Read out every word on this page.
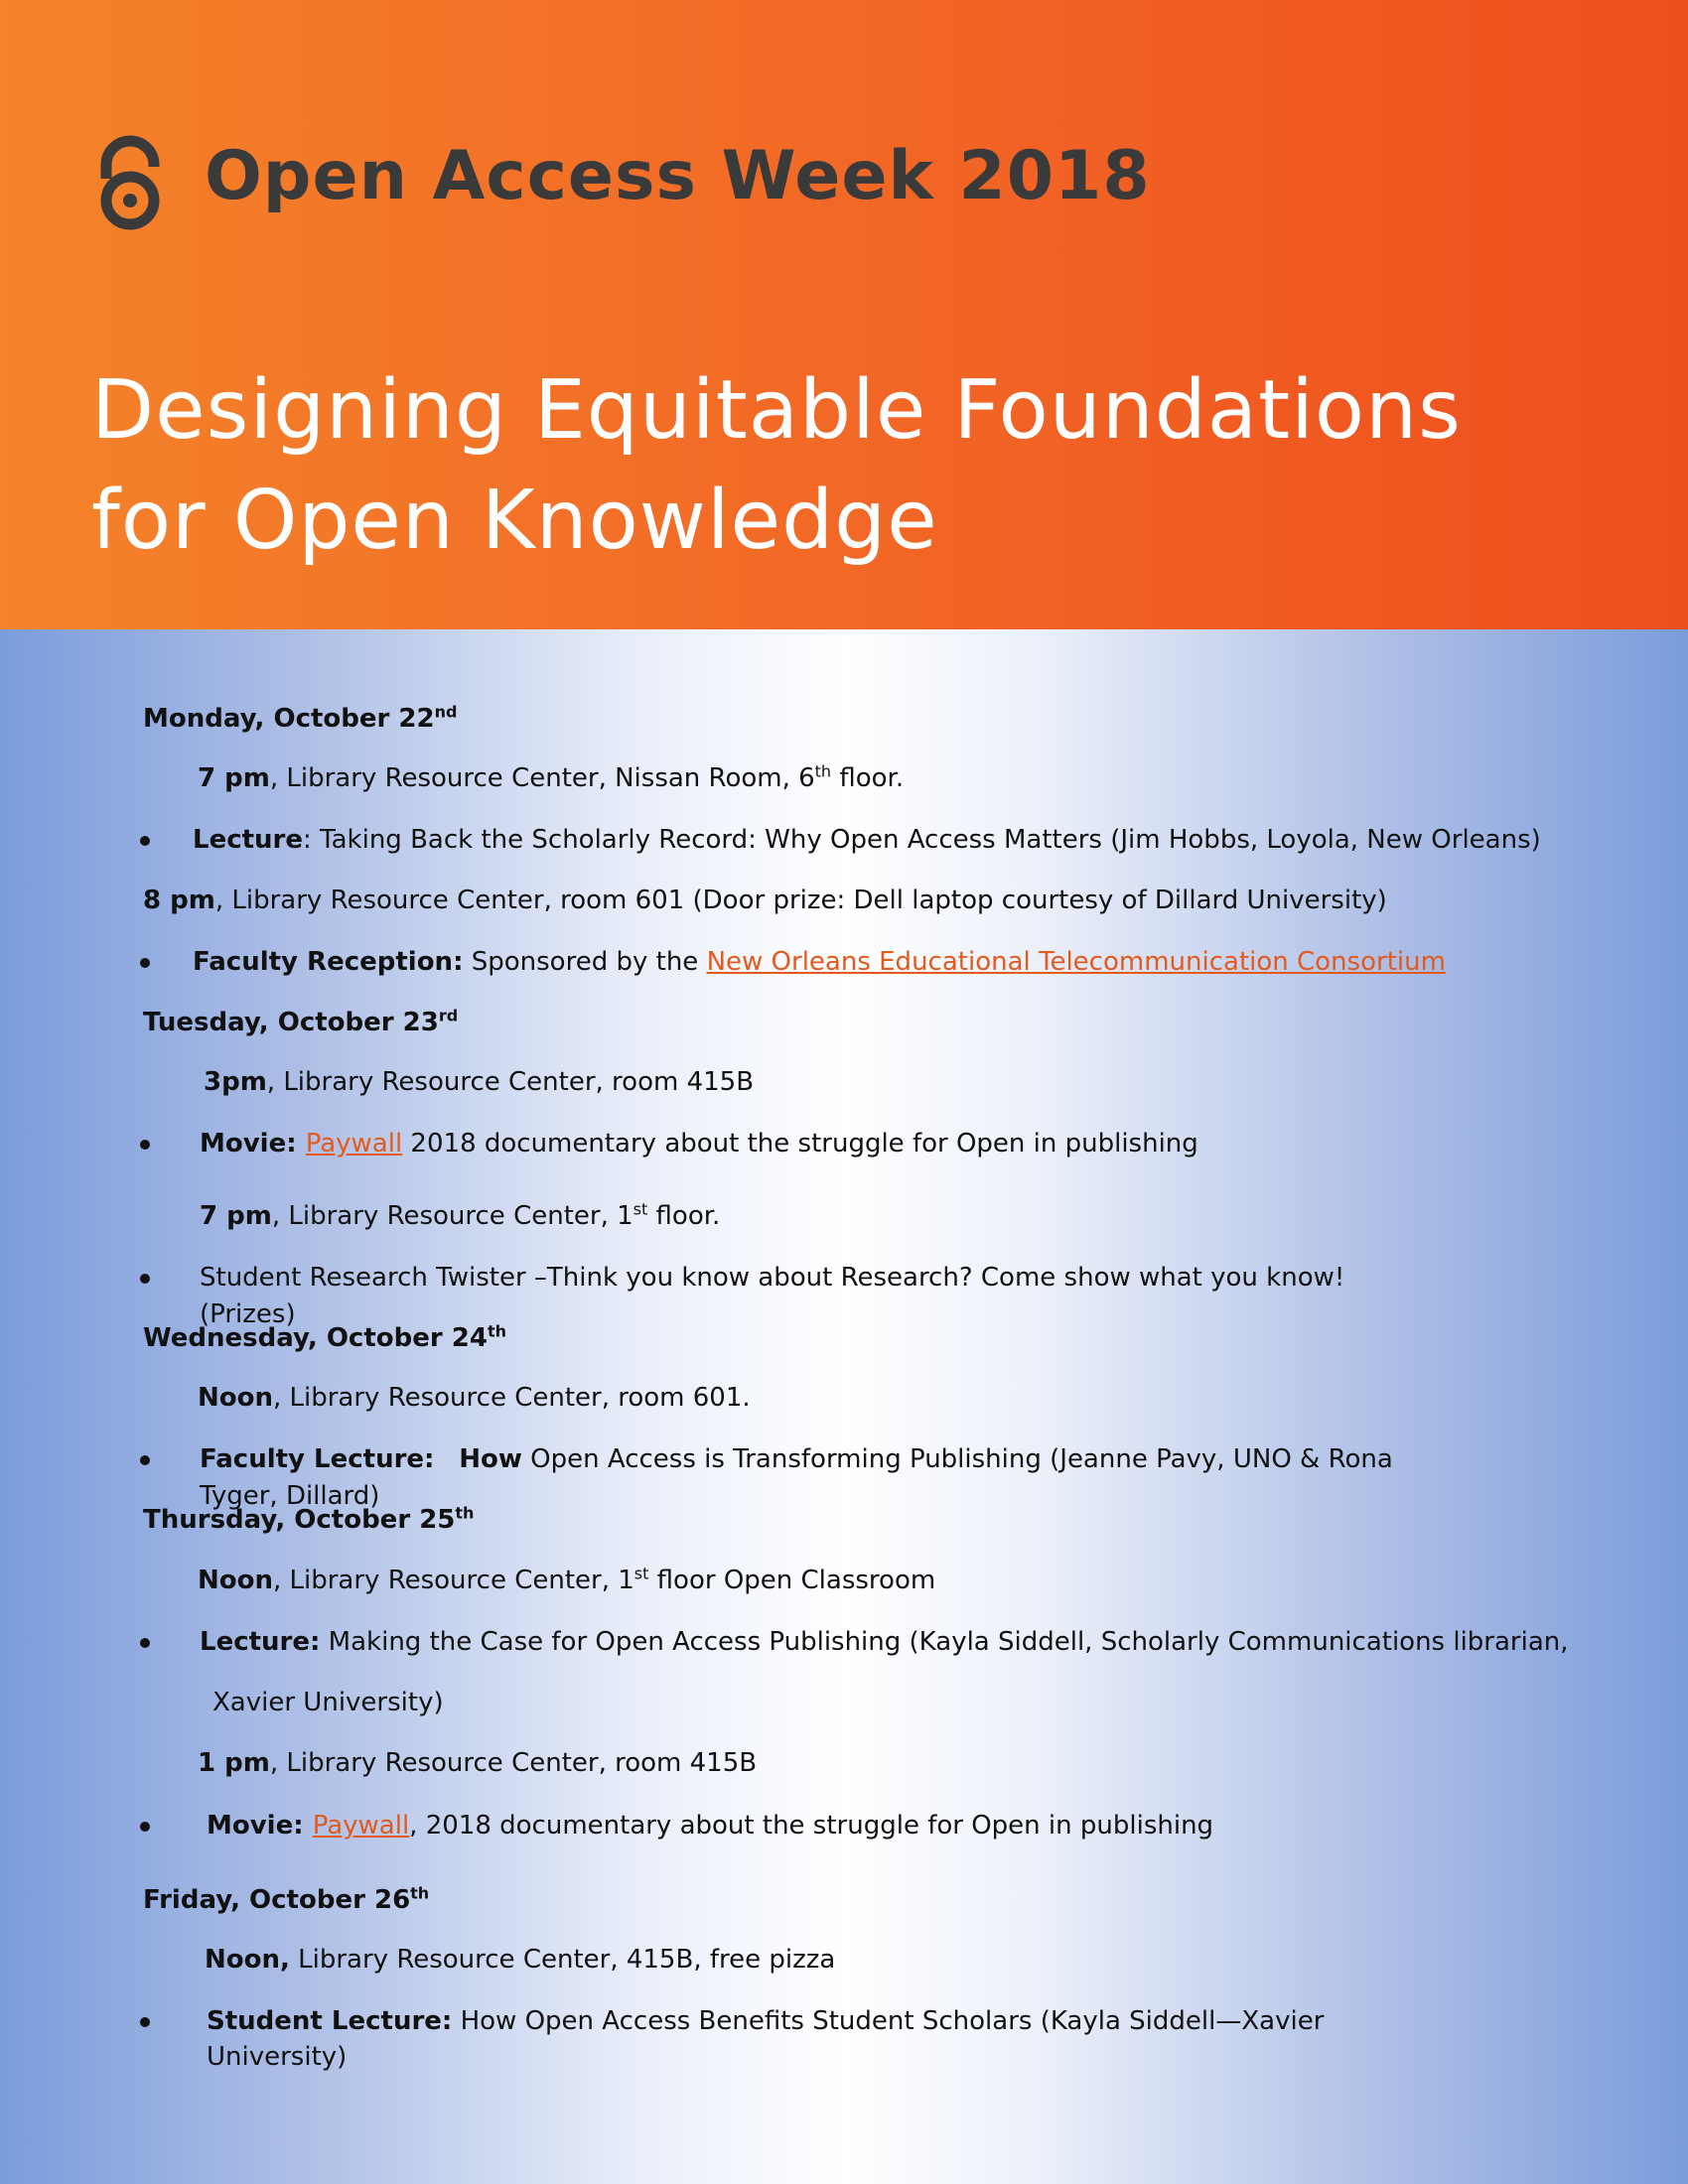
Open Access Week 2018
Designing Equitable Foundations
for Open Knowledge
Monday, October 22nd
7 pm, Library Resource Center, Nissan Room, 6th floor.
Lecture: Taking Back the Scholarly Record: Why Open Access Matters (Jim Hobbs, Loyola, New Orleans)
8 pm, Library Resource Center, room 601 (Door prize: Dell laptop courtesy of Dillard University)
Faculty Reception: Sponsored by the New Orleans Educational Telecommunication Consortium
Tuesday, October 23rd
3pm, Library Resource Center, room 415B
Movie: Paywall 2018 documentary about the struggle for Open in publishing
7 pm, Library Resource Center, 1st floor.
Student Research Twister –Think you know about Research? Come show what you know!
(Prizes)
Wednesday, October 24th
Noon, Library Resource Center, room 601.
Faculty Lecture: How Open Access is Transforming Publishing (Jeanne Pavy, UNO & Rona
Tyger, Dillard)
Thursday, October 25th
Noon, Library Resource Center, 1st floor Open Classroom
Lecture: Making the Case for Open Access Publishing (Kayla Siddell, Scholarly Communications librarian,
Xavier University)
1 pm, Library Resource Center, room 415B
Movie: Paywall, 2018 documentary about the struggle for Open in publishing
Friday, October 26th
Noon, Library Resource Center, 415B, free pizza
Student Lecture: How Open Access Benefits Student Scholars (Kayla Siddell—Xavier
University)
